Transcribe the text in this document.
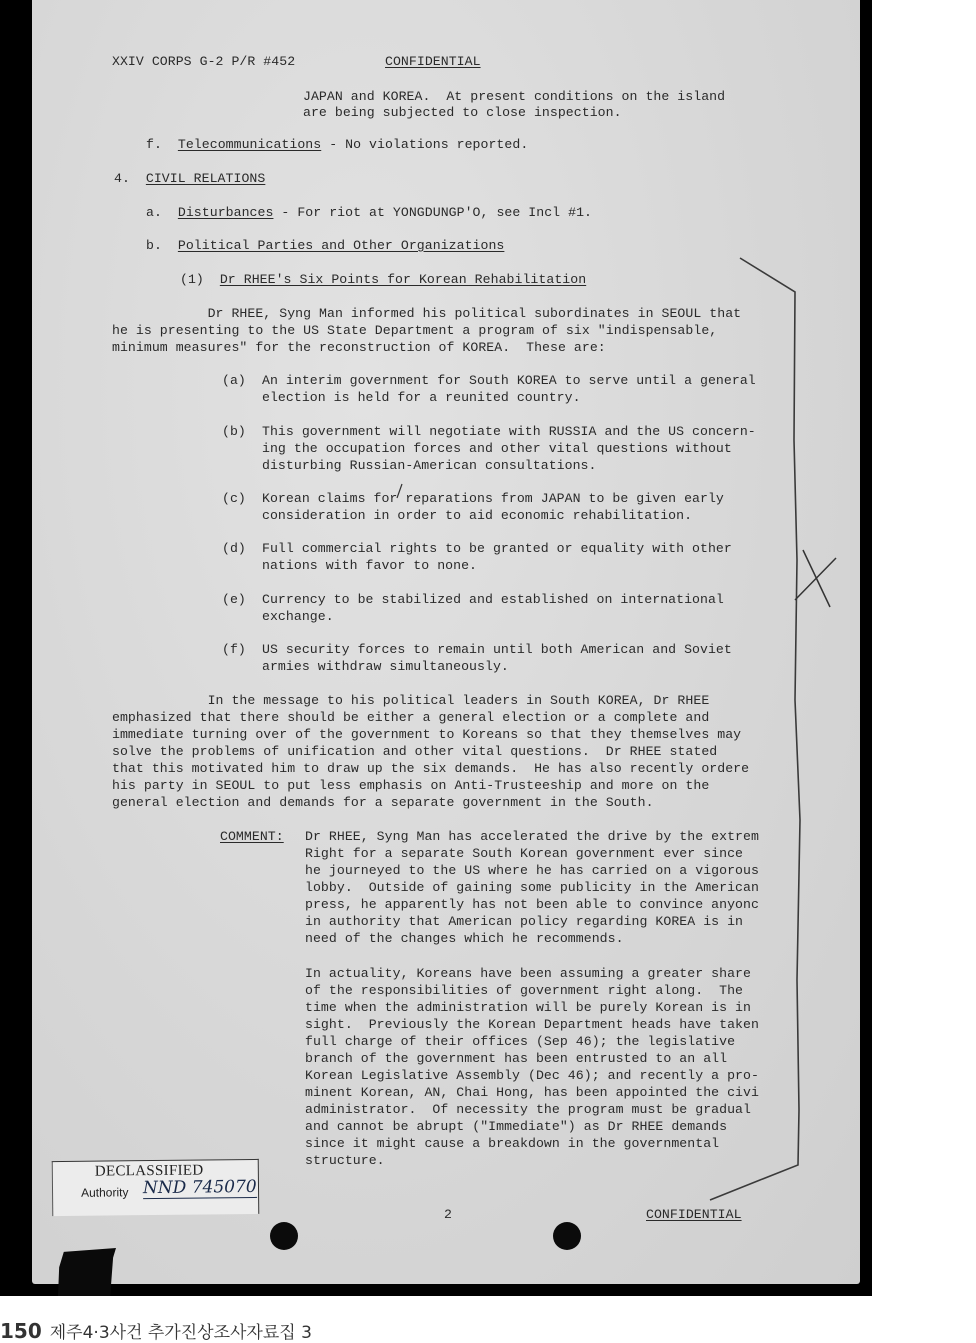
XXIV CORPS G-2 P/R #452	CONFIDENTIAL
JAPAN and KOREA.  At present conditions on the island
are being subjected to close inspection.
f. Telecommunications - No violations reported.
4. CIVIL RELATIONS
a. Disturbances - For riot at YONGDUNGP'O, see Incl #1.
b. Political Parties and Other Organizations
(1) Dr RHEE's Six Points for Korean Rehabilitation
Dr RHEE, Syng Man informed his political subordinates in SEOUL that
he is presenting to the US State Department a program of six "indispensable,
minimum measures" for the reconstruction of KOREA.  These are:
(a) An interim government for South KOREA to serve until a general
election is held for a reunited country.
(b) This government will negotiate with RUSSIA and the US concern-
ing the occupation forces and other vital questions without
disturbing Russian-American consultations.
(c) Korean claims for reparations from JAPAN to be given early
consideration in order to aid economic rehabilitation.
(d) Full commercial rights to be granted or equality with other
nations with favor to none.
(e) Currency to be stabilized and established on international
exchange.
(f) US security forces to remain until both American and Soviet
armies withdraw simultaneously.
In the message to his political leaders in South KOREA, Dr RHEE
emphasized that there should be either a general election or a complete and
immediate turning over of the government to Koreans so that they themselves may
solve the problems of unification and other vital questions.  Dr RHEE stated
that this motivated him to draw up the six demands.  He has also recently ordere
his party in SEOUL to put less emphasis on Anti-Trusteeship and more on the
general election and demands for a separate government in the South.
COMMENT: Dr RHEE, Syng Man has accelerated the drive by the extrem
Right for a separate South Korean government ever since
he journeyed to the US where he has carried on a vigorous
lobby.  Outside of gaining some publicity in the American
press, he apparently has not been able to convince anyonc
in authority that American policy regarding KOREA is in
need of the changes which he recommends.
In actuality, Koreans have been assuming a greater share
of the responsibilities of government right along.  The
time when the administration will be purely Korean is in
sight.  Previously the Korean Department heads have taken
full charge of their offices (Sep 46); the legislative
branch of the government has been entrusted to an all
Korean Legislative Assembly (Dec 46); and recently a pro-
minent Korean, AN, Chai Hong, has been appointed the civi
administrator.  Of necessity the program must be gradual
and cannot be abrupt ("Immediate") as Dr RHEE demands
since it might cause a breakdown in the governmental
structure.
2	CONFIDENTIAL
DECLASSIFIED
Authority NND 745070
150 제주4·3사건 추가진상조사자료집 3
